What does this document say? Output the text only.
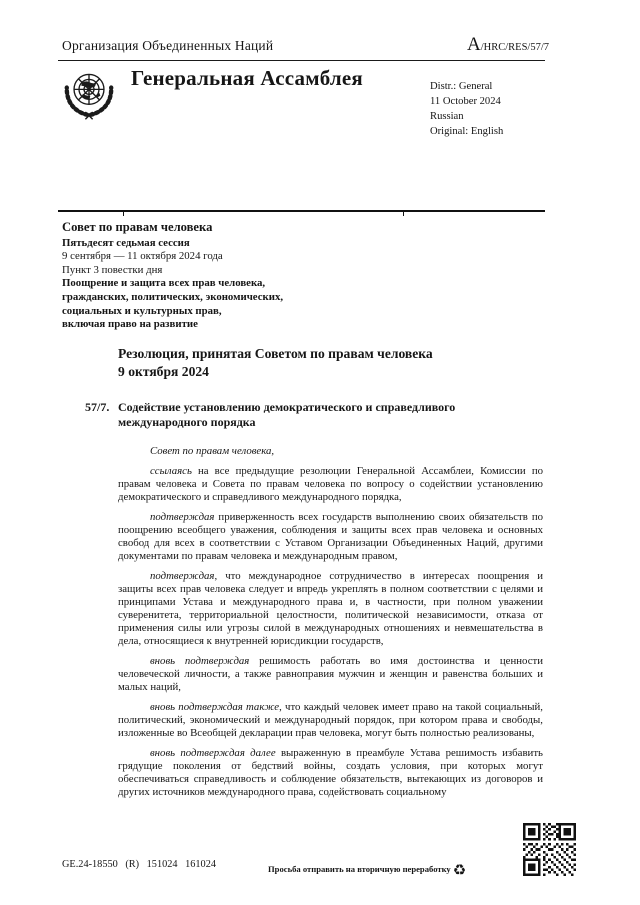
Организация Объединенных Наций	A/HRC/RES/57/7
Генеральная Ассамблея	Distr.: General
11 October 2024
Russian
Original: English
Совет по правам человека
Пятьдесят седьмая сессия
9 сентября — 11 октября 2024 года
Пункт 3 повестки дня
Поощрение и защита всех прав человека,
гражданских, политических, экономических,
социальных и культурных прав,
включая право на развитие
Резолюция, принятая Советом по правам человека
9 октября 2024
57/7. Содействие установлению демократического и справедливого международного порядка

Совет по правам человека,

ссылаясь на все предыдущие резолюции Генеральной Ассамблеи, Комиссии по правам человека и Совета по правам человека по вопросу о содействии установлению демократического и справедливого международного порядка,

подтверждая приверженность всех государств выполнению своих обязательств по поощрению всеобщего уважения, соблюдения и защиты всех прав человека и основных свобод для всех в соответствии с Уставом Организации Объединенных Наций, другими документами по правам человека и международным правом,

подтверждая, что международное сотрудничество в интересах поощрения и защиты всех прав человека следует и впредь укреплять в полном соответствии с целями и принципами Устава и международного права и, в частности, при полном уважении суверенитета, территориальной целостности, политической независимости, отказа от применения силы или угрозы силой в международных отношениях и невмешательства в дела, относящиеся к внутренней юрисдикции государств,

вновь подтверждая решимость работать во имя достоинства и ценности человеческой личности, а также равноправия мужчин и женщин и равенства больших и малых наций,

вновь подтверждая также, что каждый человек имеет право на такой социальный, политический, экономический и международный порядок, при котором права и свободы, изложенные во Всеобщей декларации прав человека, могут быть полностью реализованы,

вновь подтверждая далее выраженную в преамбуле Устава решимость избавить грядущие поколения от бедствий войны, создать условия, при которых могут обеспечиваться справедливость и соблюдение обязательств, вытекающих из договоров и других источников международного права, содействовать социальному

GE.24-18550 (R) 151024 161024	Просьба отправить на вторичную переработку ♻
